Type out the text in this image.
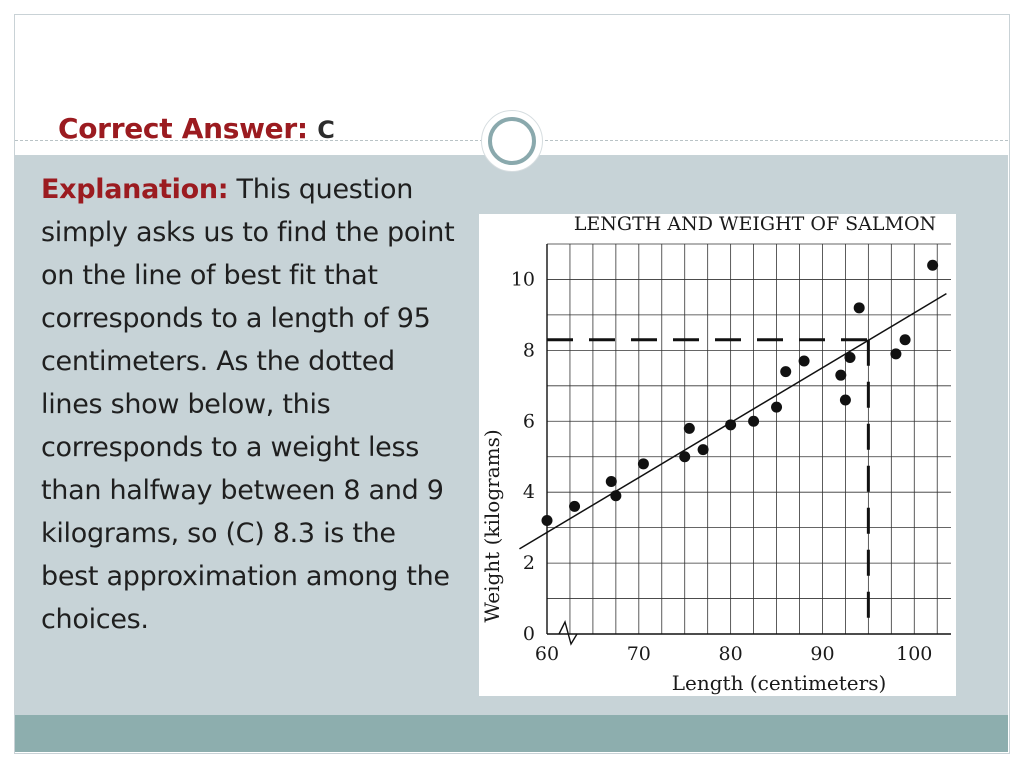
Correct Answer: C
Explanation: This question simply asks us to find the point on the line of best fit that corresponds to a length of 95 centimeters. As the dotted lines show below, this corresponds to a weight less than halfway between 8 and 9 kilograms, so (C) 8.3 is the best approximation among the choices.
LENGTH AND WEIGHT OF SALMON
60	70	80	90	100
0
2
4
6
8
10
Length (centimeters)
Weight (kilograms)
